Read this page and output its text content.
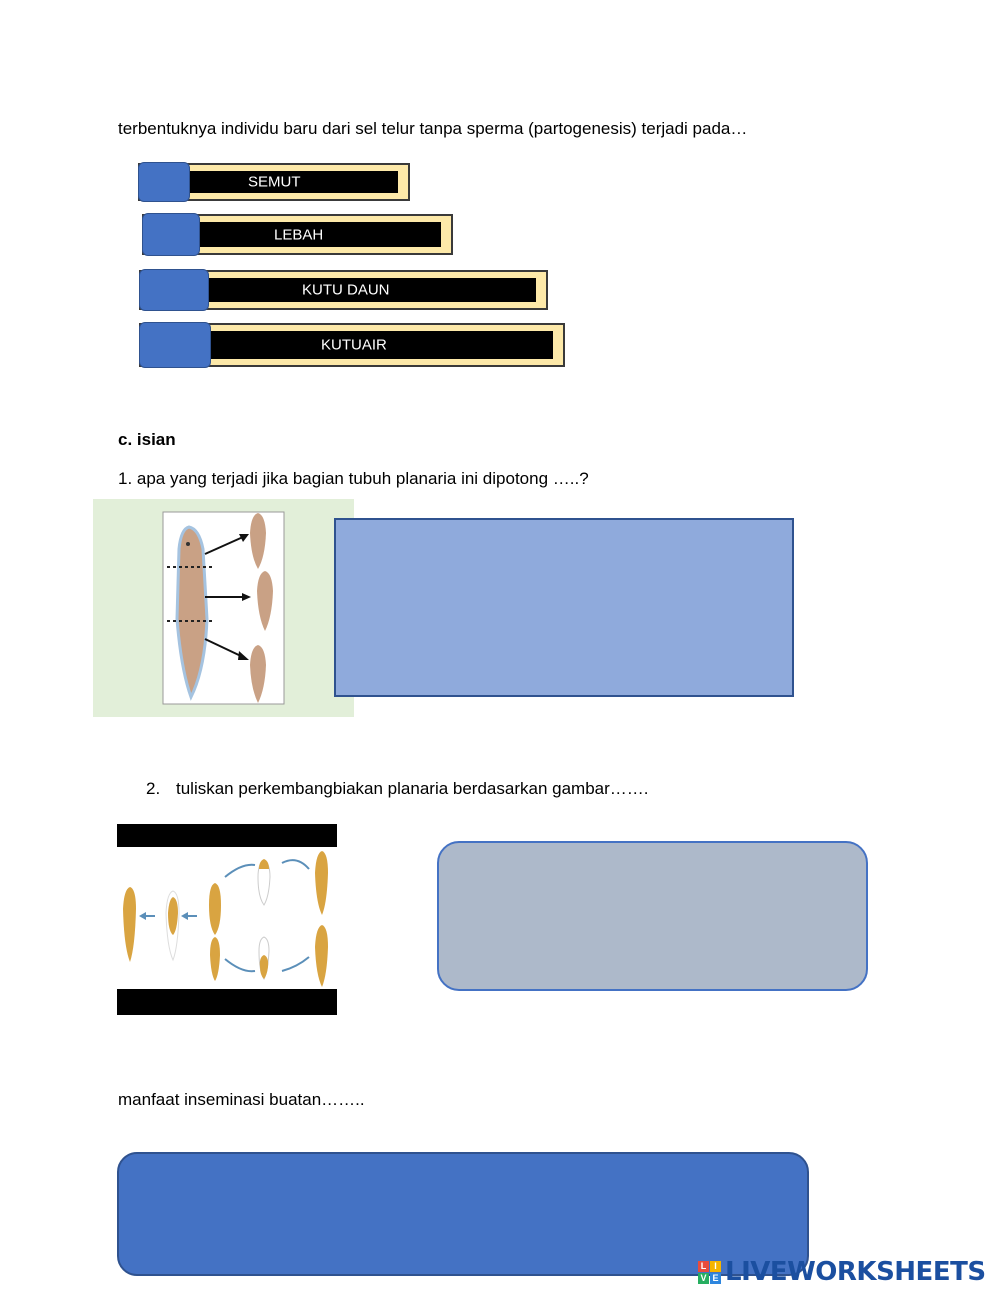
terbentuknya individu baru dari sel telur tanpa sperma (partogenesis) terjadi pada…
SEMUT
LEBAH
KUTU DAUN
KUTUAIR
c. isian
1. apa yang terjadi jika bagian tubuh planaria ini dipotong …..?
2. tuliskan perkembangbiakan planaria berdasarkan gambar…….
manfaat inseminasi buatan……..
L I
V E LIVEWORKSHEETS
